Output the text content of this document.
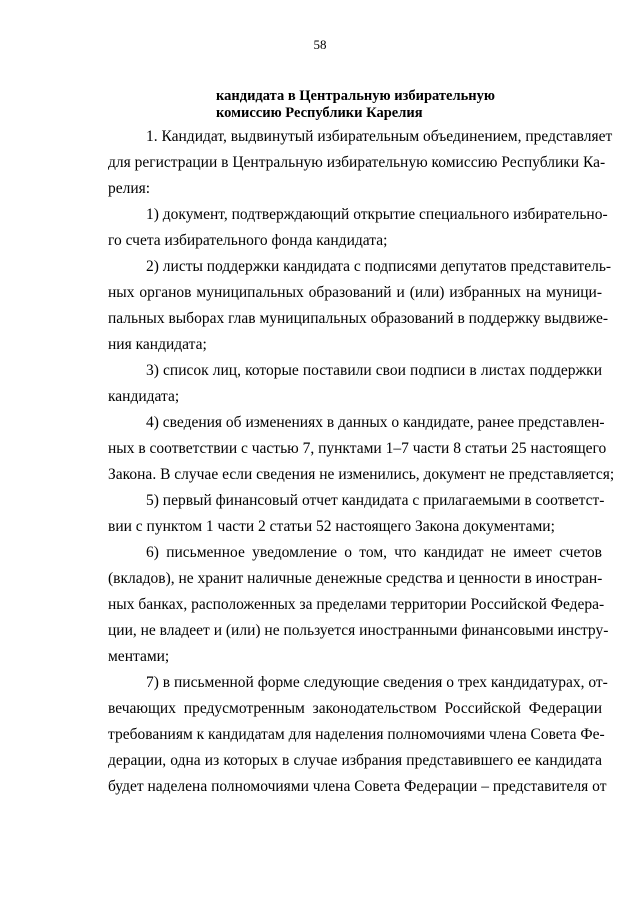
58
кандидата в Центральную избирательную
комиссию Республики Карелия

1. Кандидат, выдвинутый избирательным объединением, представляет
для регистрации в Центральную избирательную комиссию Республики Ка-
релия:

1) документ, подтверждающий открытие специального избирательно-
го счета избирательного фонда кандидата;

2) листы поддержки кандидата с подписями депутатов представитель-
ных органов муниципальных образований и (или) избранных на муници-
пальных выборах глав муниципальных образований в поддержку выдвиже-
ния кандидата;

3) список лиц, которые поставили свои подписи в листах поддержки
кандидата;

4) сведения об изменениях в данных о кандидате, ранее представлен-
ных в соответствии с частью 7, пунктами 1–7 части 8 статьи 25 настоящего
Закона. В случае если сведения не изменились, документ не представляется;

5) первый финансовый отчет кандидата с прилагаемыми в соответст-
вии с пунктом 1 части 2 статьи 52 настоящего Закона документами;

6) письменное уведомление о том, что кандидат не имеет счетов
(вкладов), не хранит наличные денежные средства и ценности в иностран-
ных банках, расположенных за пределами территории Российской Федера-
ции, не владеет и (или) не пользуется иностранными финансовыми инстру-
ментами;

7) в письменной форме следующие сведения о трех кандидатурах, от-
вечающих предусмотренным законодательством Российской Федерации
требованиям к кандидатам для наделения полномочиями члена Совета Фе-
дерации, одна из которых в случае избрания представившего ее кандидата
будет наделена полномочиями члена Совета Федерации – представителя от
